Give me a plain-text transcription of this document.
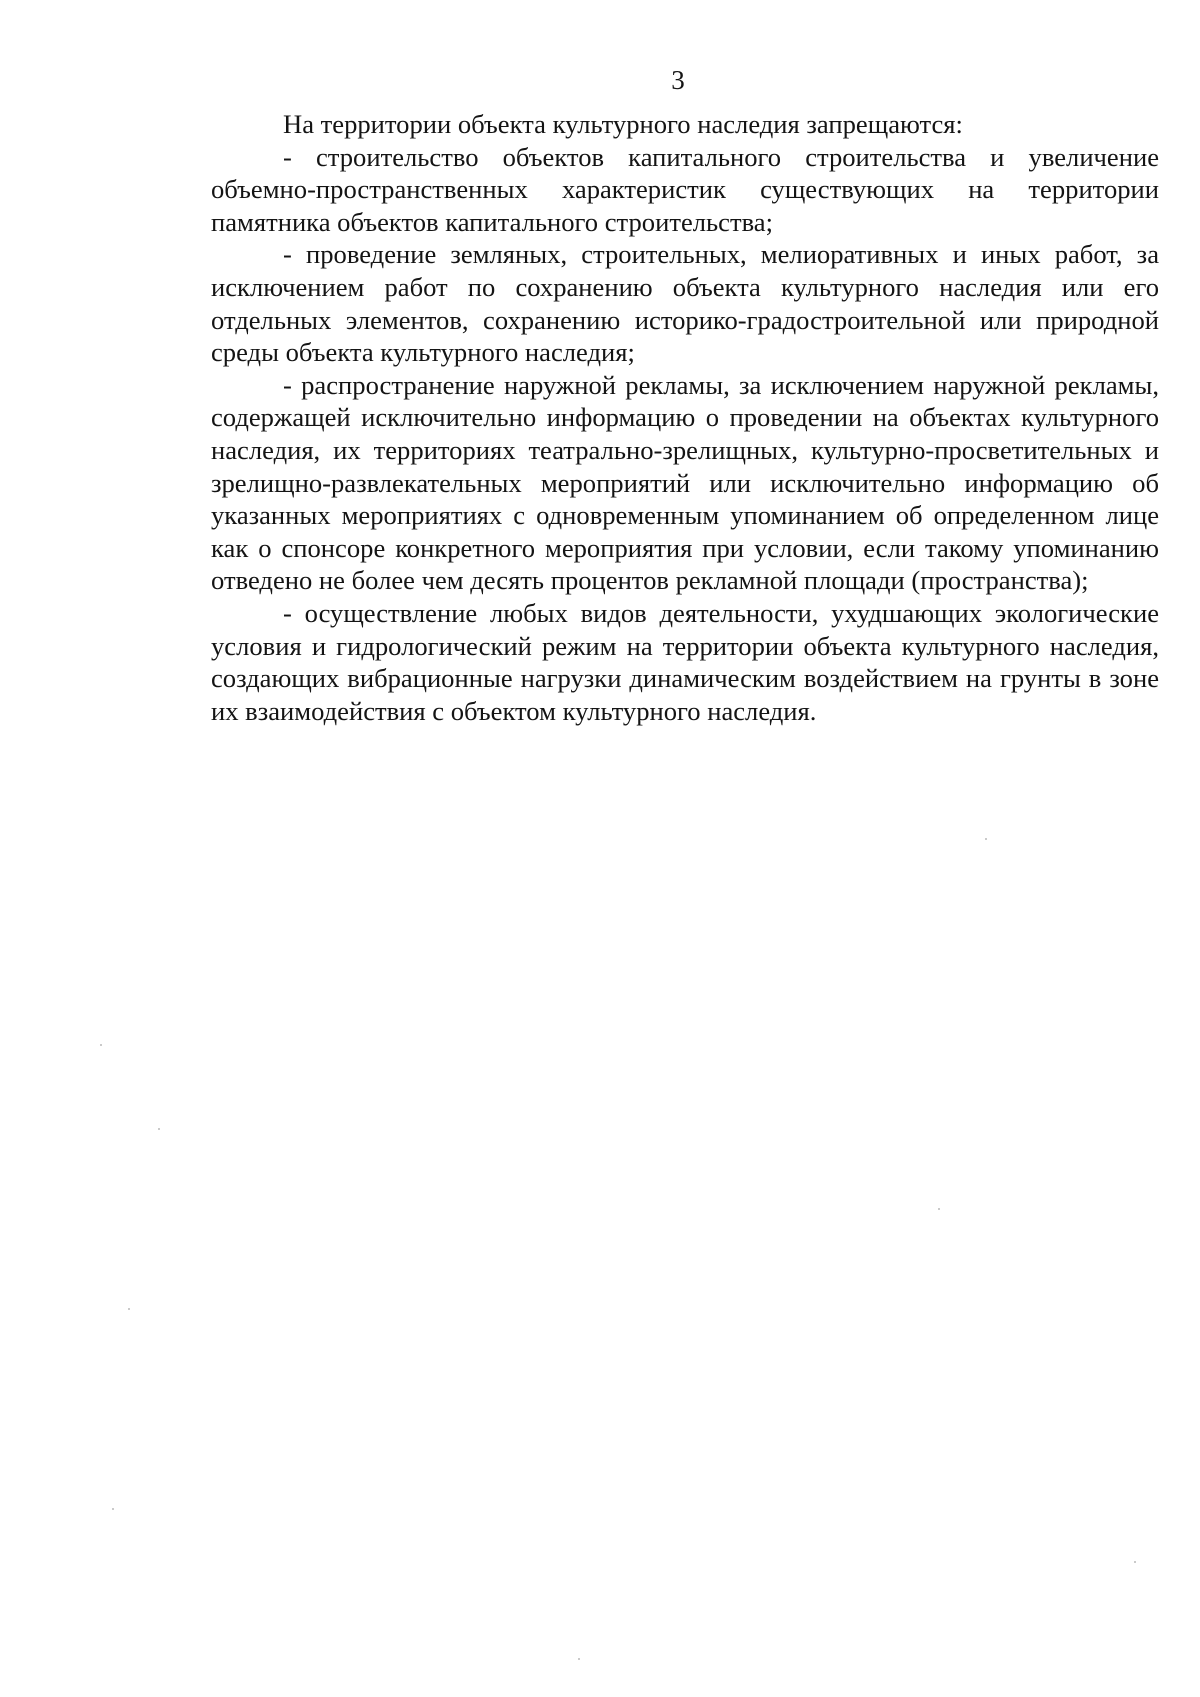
3

На территории объекта культурного наследия запрещаются:

- строительство объектов капитального строительства и увеличение объемно-пространственных характеристик существующих на территории памятника объектов капитального строительства;

- проведение земляных, строительных, мелиоративных и иных работ, за исключением работ по сохранению объекта культурного наследия или его отдельных элементов, сохранению историко-градостроительной или природной среды объекта культурного наследия;

- распространение наружной рекламы, за исключением наружной рекламы, содержащей исключительно информацию о проведении на объектах культурного наследия, их территориях театрально-зрелищных, культурно-просветительных и зрелищно-развлекательных мероприятий или исключительно информацию об указанных мероприятиях с одновременным упоминанием об определенном лице как о спонсоре конкретного мероприятия при условии, если такому упоминанию отведено не более чем десять процентов рекламной площади (пространства);

- осуществление любых видов деятельности, ухудшающих экологические условия и гидрологический режим на территории объекта культурного наследия, создающих вибрационные нагрузки динамическим воздействием на грунты в зоне их взаимодействия с объектом культурного наследия.
